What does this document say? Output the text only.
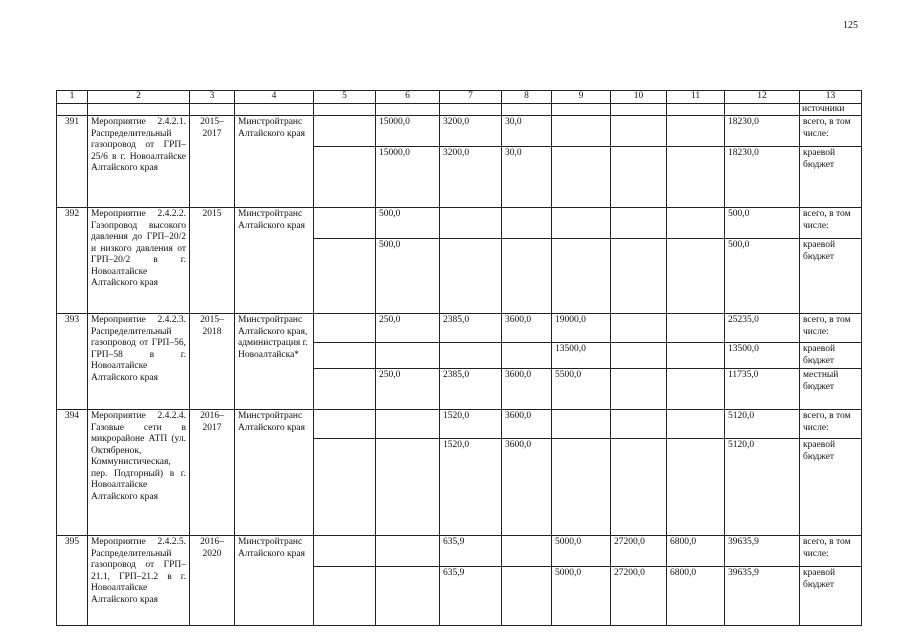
125
1	2	3	4	5	6	7	8	9	10	11	12	13
												источники
391	Мероприятие 2.4.2.1. Распределительный газопровод от ГРП–25/6 в г. Новоалтайске Алтайского края	2015–2017	Минстройтранс Алтайского края		15000,0	3200,0	30,0				18230,0	всего, в том числе:
					15000,0	3200,0	30,0				18230,0	краевой бюджет
392	Мероприятие 2.4.2.2. Газопровод высокого давления до ГРП–20/2 и низкого давления от ГРП–20/2 в г. Новоалтайске Алтайского края	2015	Минстройтранс Алтайского края		500,0						500,0	всего, в том числе:
					500,0						500,0	краевой бюджет
393	Мероприятие 2.4.2.3. Распределительный газопровод от ГРП–56, ГРП–58 в г. Новоалтайске Алтайского края	2015–2018	Минстройтранс Алтайского края, администрация г. Новоалтайска*		250,0	2385,0	3600,0	19000,0			25235,0	всего, в том числе:
								13500,0			13500,0	краевой бюджет
					250,0	2385,0	3600,0	5500,0			11735,0	местный бюджет
394	Мероприятие 2.4.2.4. Газовые сети в микрорайоне АТП (ул. Октябренок, Коммунистическая, пер. Подгорный) в г. Новоалтайске Алтайского края	2016–2017	Минстройтранс Алтайского края			1520,0	3600,0				5120,0	всего, в том числе:
						1520,0	3600,0				5120,0	краевой бюджет
395	Мероприятие 2.4.2.5. Распределительный газопровод от ГРП–21.1, ГРП–21.2 в г. Новоалтайске Алтайского края	2016–2020	Минстройтранс Алтайского края			635,9		5000,0	27200,0	6800,0	39635,9	всего, в том числе:
						635,9		5000,0	27200,0	6800,0	39635,9	краевой бюджет
